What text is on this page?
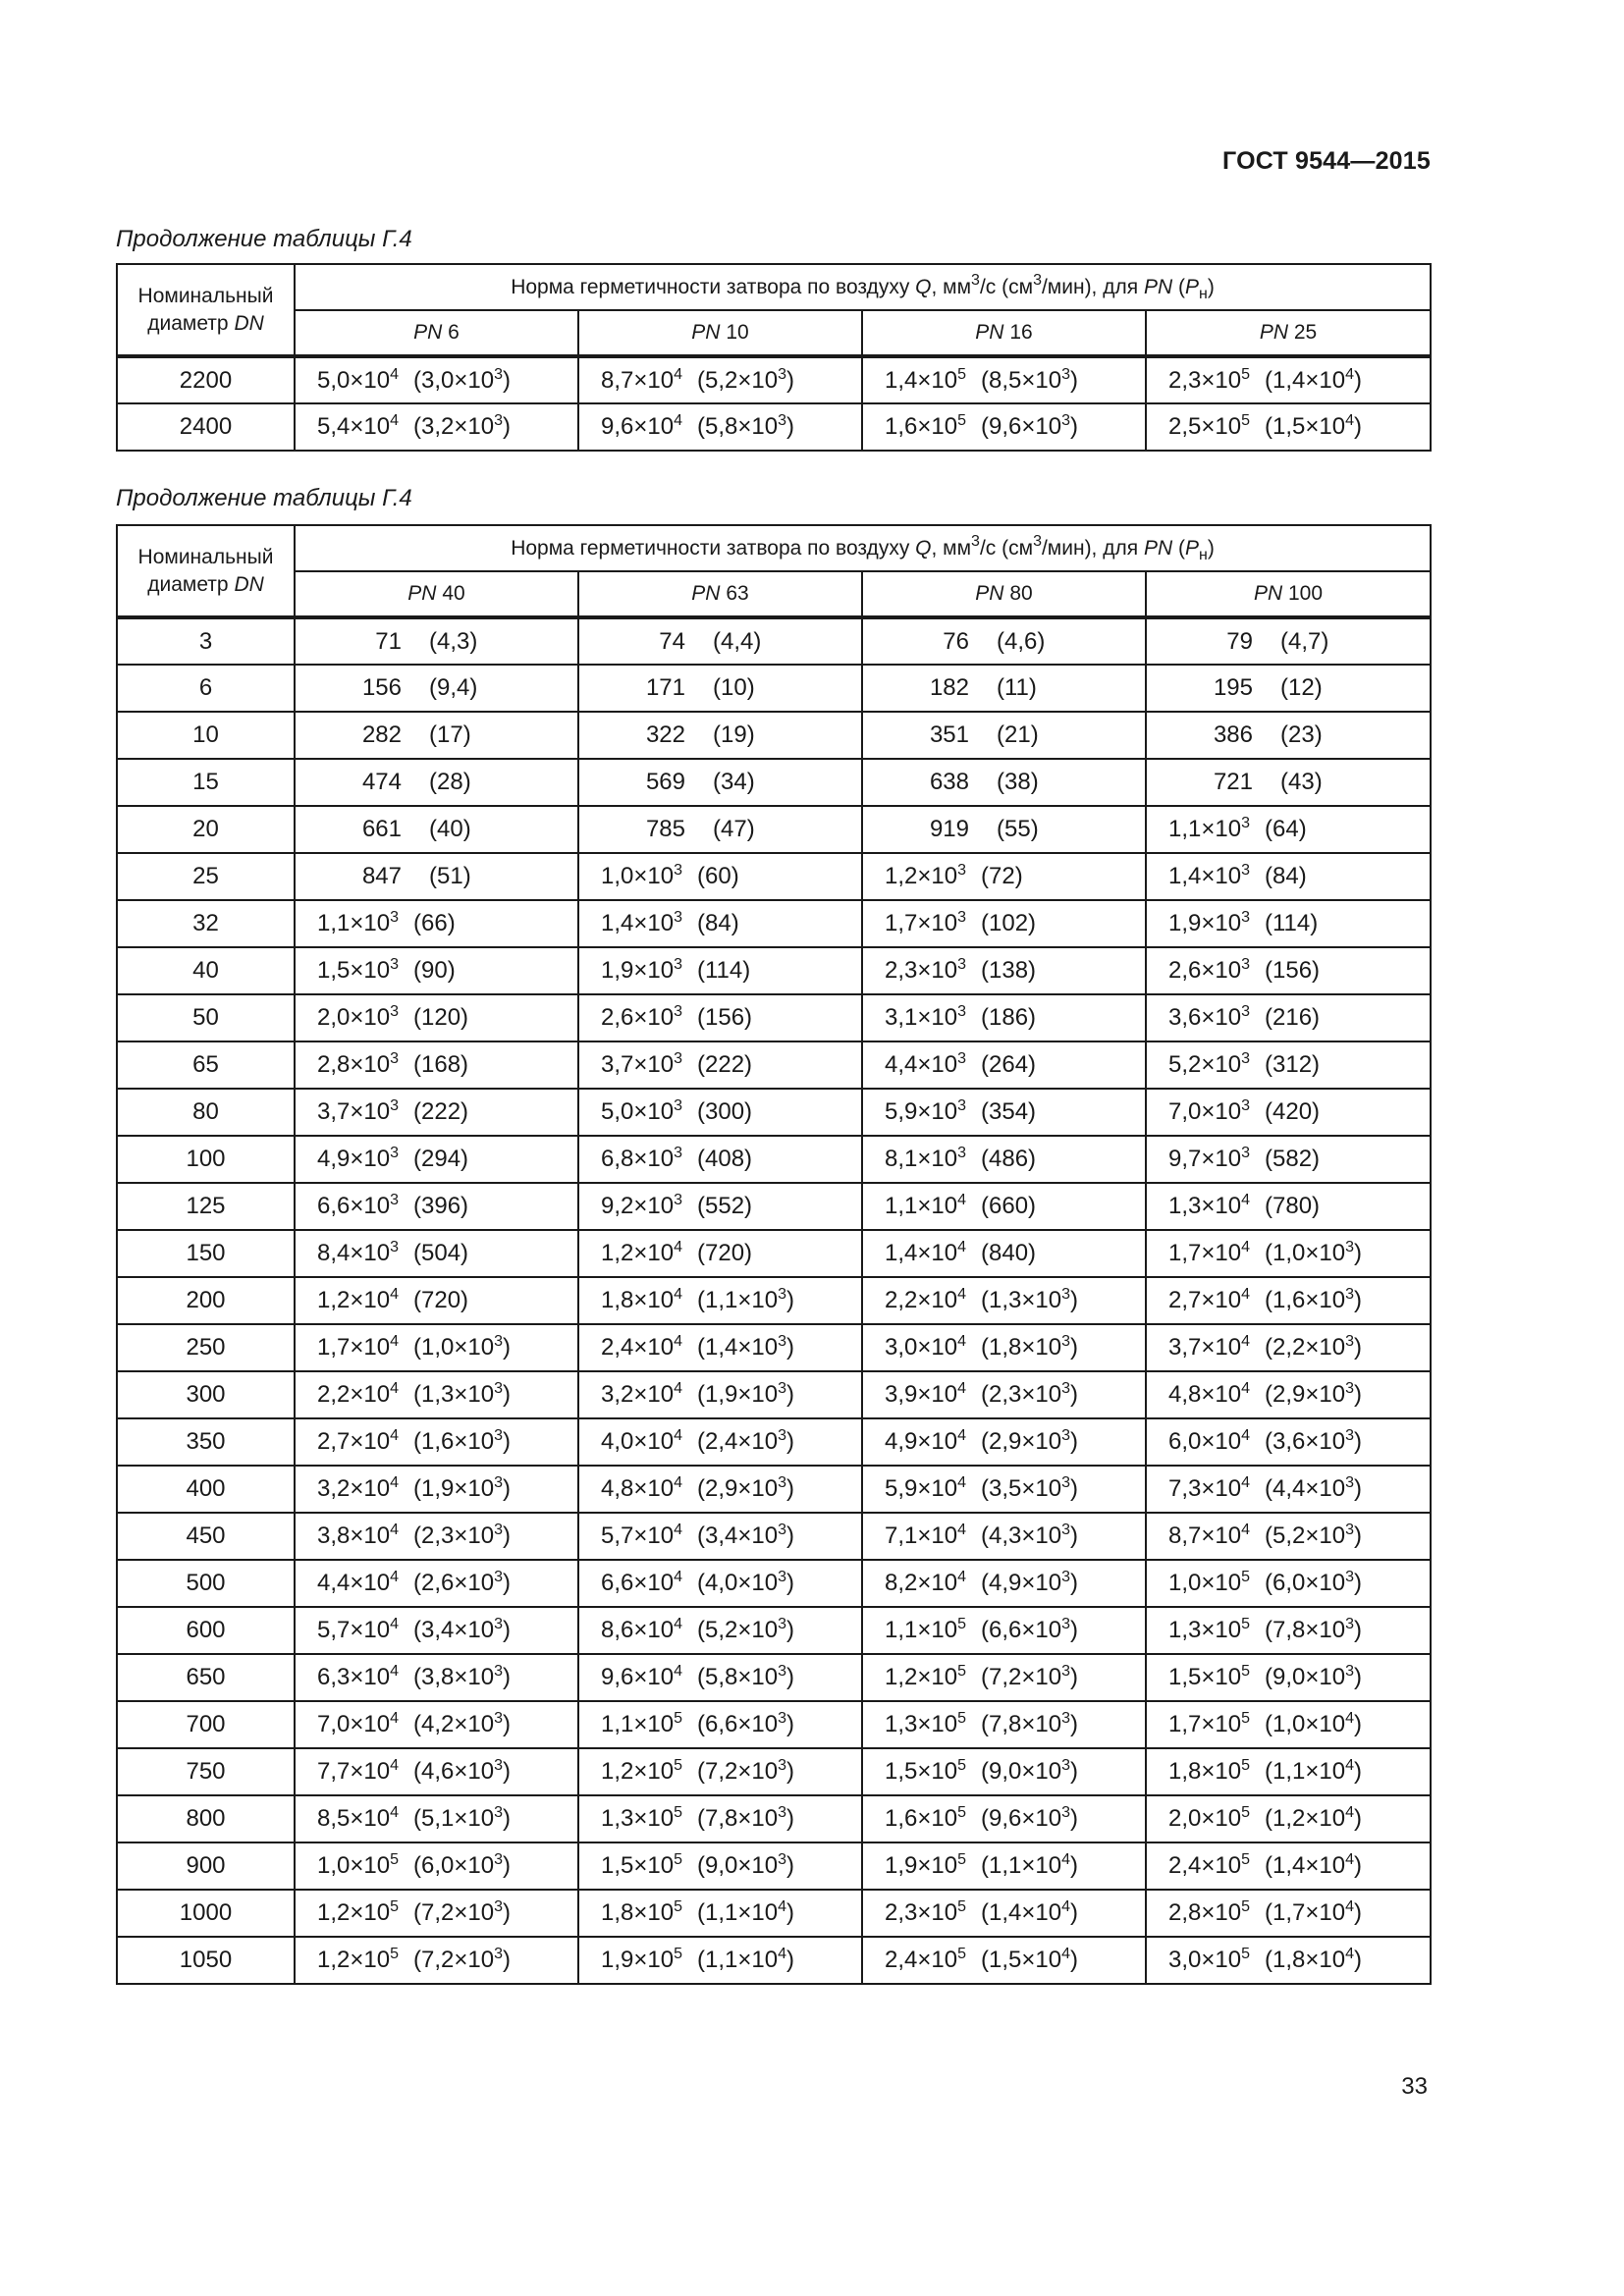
ГОСТ 9544—2015
Продолжение таблицы Г.4
Номинальный
диаметр DN	Норма герметичности затвора по воздуху Q, $мм^3/с$ $(см^3/мин)$, для PN $(P_н)$			
	PN 6	PN 10	PN 16	PN 25
2200	$5,0\times 10^4$ $(3,0\times 10^3)$	$8,7\times 10^4$ $(5,2\times 10^3)$	$1,4\times 10^5$ $(8,5\times 10^3)$	$2,3\times 10^5$ $(1,4\times 10^4)$

2400	$5,4\times 10^4$ $(3,2\times 10^3)$	$9,6\times 10^4$ $(5,8\times 10^3)$	$1,6\times 10^5$ $(9,6\times 10^3)$	$2,5\times 10^5$ $(1,5\times 10^4)$
Продолжение таблицы Г.4
Номинальный
диаметр DN	Норма герметичности затвора по воздуху Q, $мм^3/с$ $(см^3/мин)$, для PN $(P_н)$			
	PN 40	PN 63	PN 80	PN 100
3	71 (4,3)	74 (4,4)	76 (4,6)	79 (4,7)

6	156 (9,4)	171 (10)	182 (11)	195 (12)

10	282 (17)	322 (19)	351 (21)	386 (23)

15	474 (28)	569 (34)	638 (38)	721 (43)

20	661 (40)	785 (47)	919 (55)	$1,1\times 10^3$ (64)

25	847 (51)	$1,0\times 10^3$ (60)	$1,2\times 10^3$ (72)	$1,4\times 10^3$ (84)

32	$1,1\times 10^3$ (66)	$1,4\times 10^3$ (84)	$1,7\times 10^3$ (102)	$1,9\times 10^3$ (114)

40	$1,5\times 10^3$ (90)	$1,9\times 10^3$ (114)	$2,3\times 10^3$ (138)	$2,6\times 10^3$ (156)

50	$2,0\times 10^3$ (120)	$2,6\times 10^3$ (156)	$3,1\times 10^3$ (186)	$3,6\times 10^3$ (216)

65	$2,8\times 10^3$ (168)	$3,7\times 10^3$ (222)	$4,4\times 10^3$ (264)	$5,2\times 10^3$ (312)

80	$3,7\times 10^3$ (222)	$5,0\times 10^3$ (300)	$5,9\times 10^3$ (354)	$7,0\times 10^3$ (420)

100	$4,9\times 10^3$ (294)	$6,8\times 10^3$ (408)	$8,1\times 10^3$ (486)	$9,7\times 10^3$ (582)

125	$6,6\times 10^3$ (396)	$9,2\times 10^3$ (552)	$1,1\times 10^4$ (660)	$1,3\times 10^4$ (780)

150	$8,4\times 10^3$ (504)	$1,2\times 10^4$ (720)	$1,4\times 10^4$ (840)	$1,7\times 10^4$ $(1,0\times 10^3)$

200	$1,2\times 10^4$ (720)	$1,8\times 10^4$ $(1,1\times 10^3)$	$2,2\times 10^4$ $(1,3\times 10^3)$	$2,7\times 10^4$ $(1,6\times 10^3)$

250	$1,7\times 10^4$ $(1,0\times 10^3)$	$2,4\times 10^4$ $(1,4\times 10^3)$	$3,0\times 10^4$ $(1,8\times 10^3)$	$3,7\times 10^4$ $(2,2\times 10^3)$

300	$2,2\times 10^4$ $(1,3\times 10^3)$	$3,2\times 10^4$ $(1,9\times 10^3)$	$3,9\times 10^4$ $(2,3\times 10^3)$	$4,8\times 10^4$ $(2,9\times 10^3)$

350	$2,7\times 10^4$ $(1,6\times 10^3)$	$4,0\times 10^4$ $(2,4\times 10^3)$	$4,9\times 10^4$ $(2,9\times 10^3)$	$6,0\times 10^4$ $(3,6\times 10^3)$

400	$3,2\times 10^4$ $(1,9\times 10^3)$	$4,8\times 10^4$ $(2,9\times 10^3)$	$5,9\times 10^4$ $(3,5\times 10^3)$	$7,3\times 10^4$ $(4,4\times 10^3)$

450	$3,8\times 10^4$ $(2,3\times 10^3)$	$5,7\times 10^4$ $(3,4\times 10^3)$	$7,1\times 10^4$ $(4,3\times 10^3)$	$8,7\times 10^4$ $(5,2\times 10^3)$

500	$4,4\times 10^4$ $(2,6\times 10^3)$	$6,6\times 10^4$ $(4,0\times 10^3)$	$8,2\times 10^4$ $(4,9\times 10^3)$	$1,0\times 10^5$ $(6,0\times 10^3)$

600	$5,7\times 10^4$ $(3,4\times 10^3)$	$8,6\times 10^4$ $(5,2\times 10^3)$	$1,1\times 10^5$ $(6,6\times 10^3)$	$1,3\times 10^5$ $(7,8\times 10^3)$

650	$6,3\times 10^4$ $(3,8\times 10^3)$	$9,6\times 10^4$ $(5,8\times 10^3)$	$1,2\times 10^5$ $(7,2\times 10^3)$	$1,5\times 10^5$ $(9,0\times 10^3)$

700	$7,0\times 10^4$ $(4,2\times 10^3)$	$1,1\times 10^5$ $(6,6\times 10^3)$	$1,3\times 10^5$ $(7,8\times 10^3)$	$1,7\times 10^5$ $(1,0\times 10^4)$

750	$7,7\times 10^4$ $(4,6\times 10^3)$	$1,2\times 10^5$ $(7,2\times 10^3)$	$1,5\times 10^5$ $(9,0\times 10^3)$	$1,8\times 10^5$ $(1,1\times 10^4)$

800	$8,5\times 10^4$ $(5,1\times 10^3)$	$1,3\times 10^5$ $(7,8\times 10^3)$	$1,6\times 10^5$ $(9,6\times 10^3)$	$2,0\times 10^5$ $(1,2\times 10^4)$

900	$1,0\times 10^5$ $(6,0\times 10^3)$	$1,5\times 10^5$ $(9,0\times 10^3)$	$1,9\times 10^5$ $(1,1\times 10^4)$	$2,4\times 10^5$ $(1,4\times 10^4)$

1000	$1,2\times 10^5$ $(7,2\times 10^3)$	$1,8\times 10^5$ $(1,1\times 10^4)$	$2,3\times 10^5$ $(1,4\times 10^4)$	$2,8\times 10^5$ $(1,7\times 10^4)$

1050	$1,2\times 10^5$ $(7,2\times 10^3)$	$1,9\times 10^5$ $(1,1\times 10^4)$	$2,4\times 10^5$ $(1,5\times 10^4)$	$3,0\times 10^5$ $(1,8\times 10^4)$
33
